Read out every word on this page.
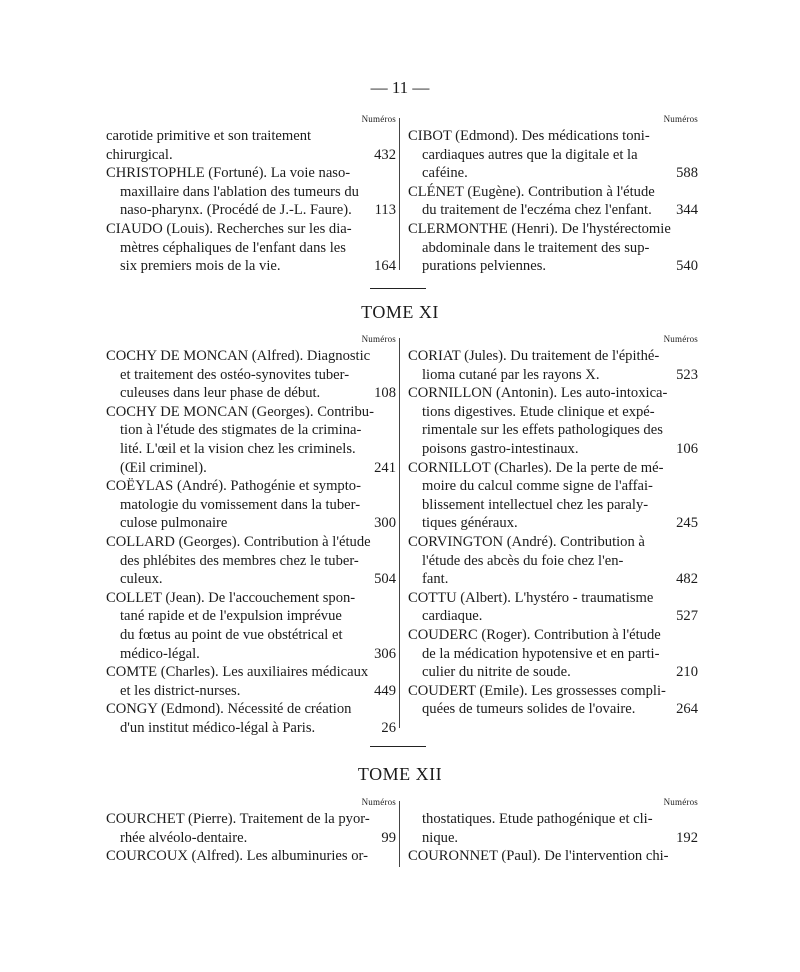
— 11 —
Numéros
carotide primitive et son traitement
chirurgical.	432
CHRISTOPHLE (Fortuné). La voie naso-
maxillaire dans l'ablation des tumeurs du
naso-pharynx. (Procédé de J.-L. Faure).	113
CIAUDO (Louis). Recherches sur les dia-
mètres céphaliques de l'enfant dans les
six premiers mois de la vie.	164
Numéros
CIBOT (Edmond). Des médications toni-
cardiaques autres que la digitale et la
caféine.	588
CLÉNET (Eugène). Contribution à l'étude
du traitement de l'eczéma chez l'enfant.	344
CLERMONTHE (Henri). De l'hystérectomie
abdominale dans le traitement des sup-
purations pelviennes.	540
TOME XI
Numéros
COCHY DE MONCAN (Alfred). Diagnostic
et traitement des ostéo-synovites tuber-
culeuses dans leur phase de début.	108
COCHY DE MONCAN (Georges). Contribu-
tion à l'étude des stigmates de la crimina-
lité. L'œil et la vision chez les criminels.
(Œil criminel).	241
COËYLAS (André). Pathogénie et sympto-
matologie du vomissement dans la tuber-
culose pulmonaire	300
COLLARD (Georges). Contribution à l'étude
des phlébites des membres chez le tuber-
culeux.	504
COLLET (Jean). De l'accouchement spon-
tané rapide et de l'expulsion imprévue
du fœtus au point de vue obstétrical et
médico-légal.	306
COMTE (Charles). Les auxiliaires médicaux
et les district-nurses.	449
CONGY (Edmond). Nécessité de création
d'un institut médico-légal à Paris.	26
Numéros
CORIAT (Jules). Du traitement de l'épithé-
lioma cutané par les rayons X.	523
CORNILLON (Antonin). Les auto-intoxica-
tions digestives. Etude clinique et expé-
rimentale sur les effets pathologiques des
poisons gastro-intestinaux.	106
CORNILLOT (Charles). De la perte de mé-
moire du calcul comme signe de l'affai-
blissement intellectuel chez les paraly-
tiques généraux.	245
CORVINGTON (André). Contribution à
l'étude des abcès du foie chez l'en-
fant.	482
COTTU (Albert). L'hystéro - traumatisme
cardiaque.	527
COUDERC (Roger). Contribution à l'étude
de la médication hypotensive et en parti-
culier du nitrite de soude.	210
COUDERT (Emile). Les grossesses compli-
quées de tumeurs solides de l'ovaire.	264
TOME XII
Numéros
COURCHET (Pierre). Traitement de la pyor-
rhée alvéolo-dentaire.	99
COURCOUX (Alfred). Les albuminuries or-
Numéros
thostatiques. Etude pathogénique et cli-
nique.	192
COURONNET (Paul). De l'intervention chi-
